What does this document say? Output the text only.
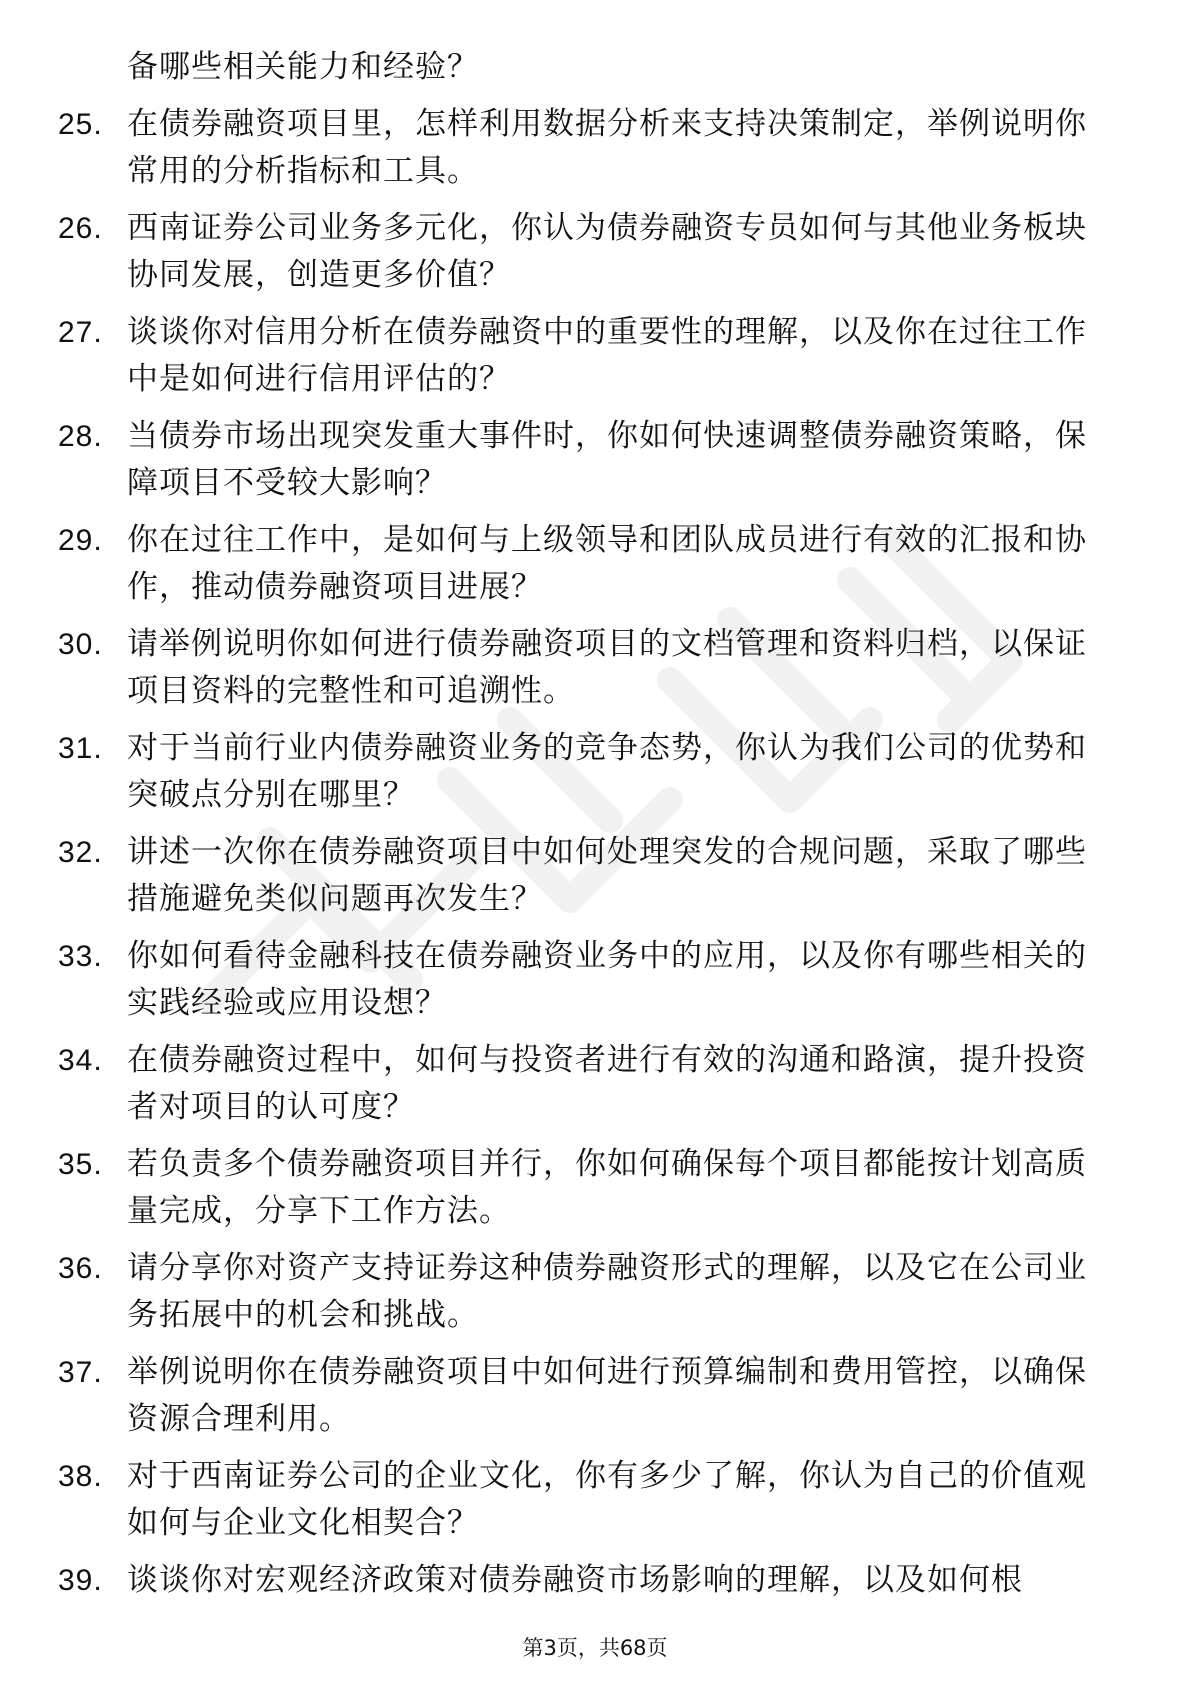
备哪些相关能力和经验？
25. 在债券融资项目里，怎样利用数据分析来支持决策制定，举例说明你常用的分析指标和工具。
26. 西南证券公司业务多元化，你认为债券融资专员如何与其他业务板块协同发展，创造更多价值？
27. 谈谈你对信用分析在债券融资中的重要性的理解，以及你在过往工作中是如何进行信用评估的？
28. 当债券市场出现突发重大事件时，你如何快速调整债券融资策略，保障项目不受较大影响？
29. 你在过往工作中，是如何与上级领导和团队成员进行有效的汇报和协作，推动债券融资项目进展？
30. 请举例说明你如何进行债券融资项目的文档管理和资料归档，以保证项目资料的完整性和可追溯性。
31. 对于当前行业内债券融资业务的竞争态势，你认为我们公司的优势和突破点分别在哪里？
32. 讲述一次你在债券融资项目中如何处理突发的合规问题，采取了哪些措施避免类似问题再次发生？
33. 你如何看待金融科技在债券融资业务中的应用，以及你有哪些相关的实践经验或应用设想？
34. 在债券融资过程中，如何与投资者进行有效的沟通和路演，提升投资者对项目的认可度？
35. 若负责多个债券融资项目并行，你如何确保每个项目都能按计划高质量完成，分享下工作方法。
36. 请分享你对资产支持证券这种债券融资形式的理解，以及它在公司业务拓展中的机会和挑战。
37. 举例说明你在债券融资项目中如何进行预算编制和费用管控，以确保资源合理利用。
38. 对于西南证券公司的企业文化，你有多少了解，你认为自己的价值观如何与企业文化相契合？
39. 谈谈你对宏观经济政策对债券融资市场影响的理解，以及如何根
第3页，共68页
